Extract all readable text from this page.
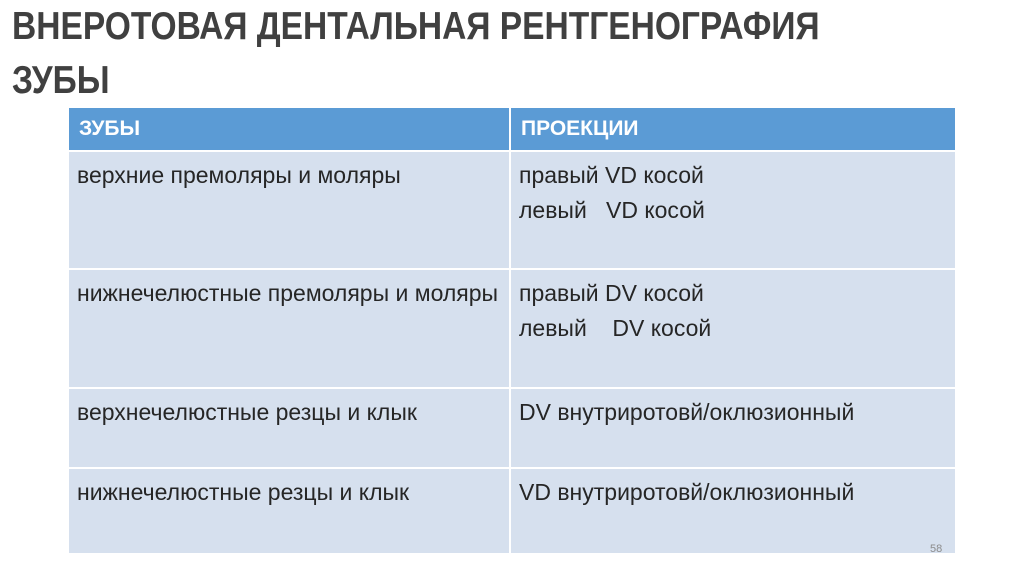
ВНЕРОТОВАЯ ДЕНТАЛЬНАЯ РЕНТГЕНОГРАФИЯ
ЗУБЫ
ЗУБЫ	ПРОЕКЦИИ
верхние премоляры и моляры	правый VD косой
левый   VD косой
нижнечелюстные премоляры и моляры	правый DV косой
левый    DV косой
верхнечелюстные резцы и клык	DV внутриротовй/оклюзионный
нижнечелюстные резцы и клык	VD внутриротовй/оклюзионный
58
